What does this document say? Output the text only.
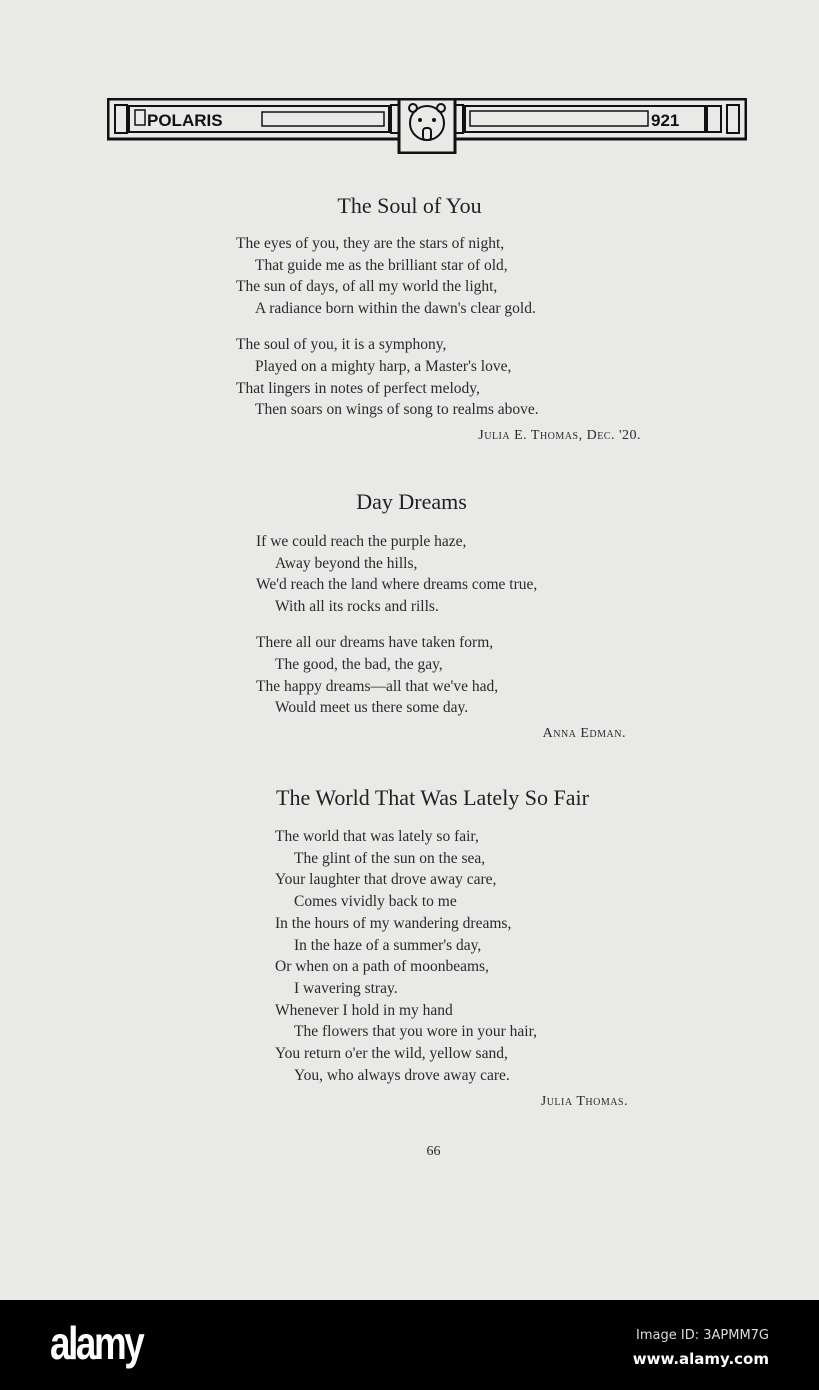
POLARIS	921
The Soul of You
The eyes of you, they are the stars of night,
That guide me as the brilliant star of old,
The sun of days, of all my world the light,
A radiance born within the dawn's clear gold.
The soul of you, it is a symphony,
Played on a mighty harp, a Master's love,
That lingers in notes of perfect melody,
Then soars on wings of song to realms above.
Julia E. Thomas, Dec. '20.
Day Dreams
If we could reach the purple haze,
Away beyond the hills,
We'd reach the land where dreams come true,
With all its rocks and rills.
There all our dreams have taken form,
The good, the bad, the gay,
The happy dreams—all that we've had,
Would meet us there some day.
Anna Edman.
The World That Was Lately So Fair
The world that was lately so fair,
The glint of the sun on the sea,
Your laughter that drove away care,
Comes vividly back to me
In the hours of my wandering dreams,
In the haze of a summer's day,
Or when on a path of moonbeams,
I wavering stray.
Whenever I hold in my hand
The flowers that you wore in your hair,
You return o'er the wild, yellow sand,
You, who always drove away care.
Julia Thomas.
66
alamy	Image ID: 3APMM7G
www.alamy.com
